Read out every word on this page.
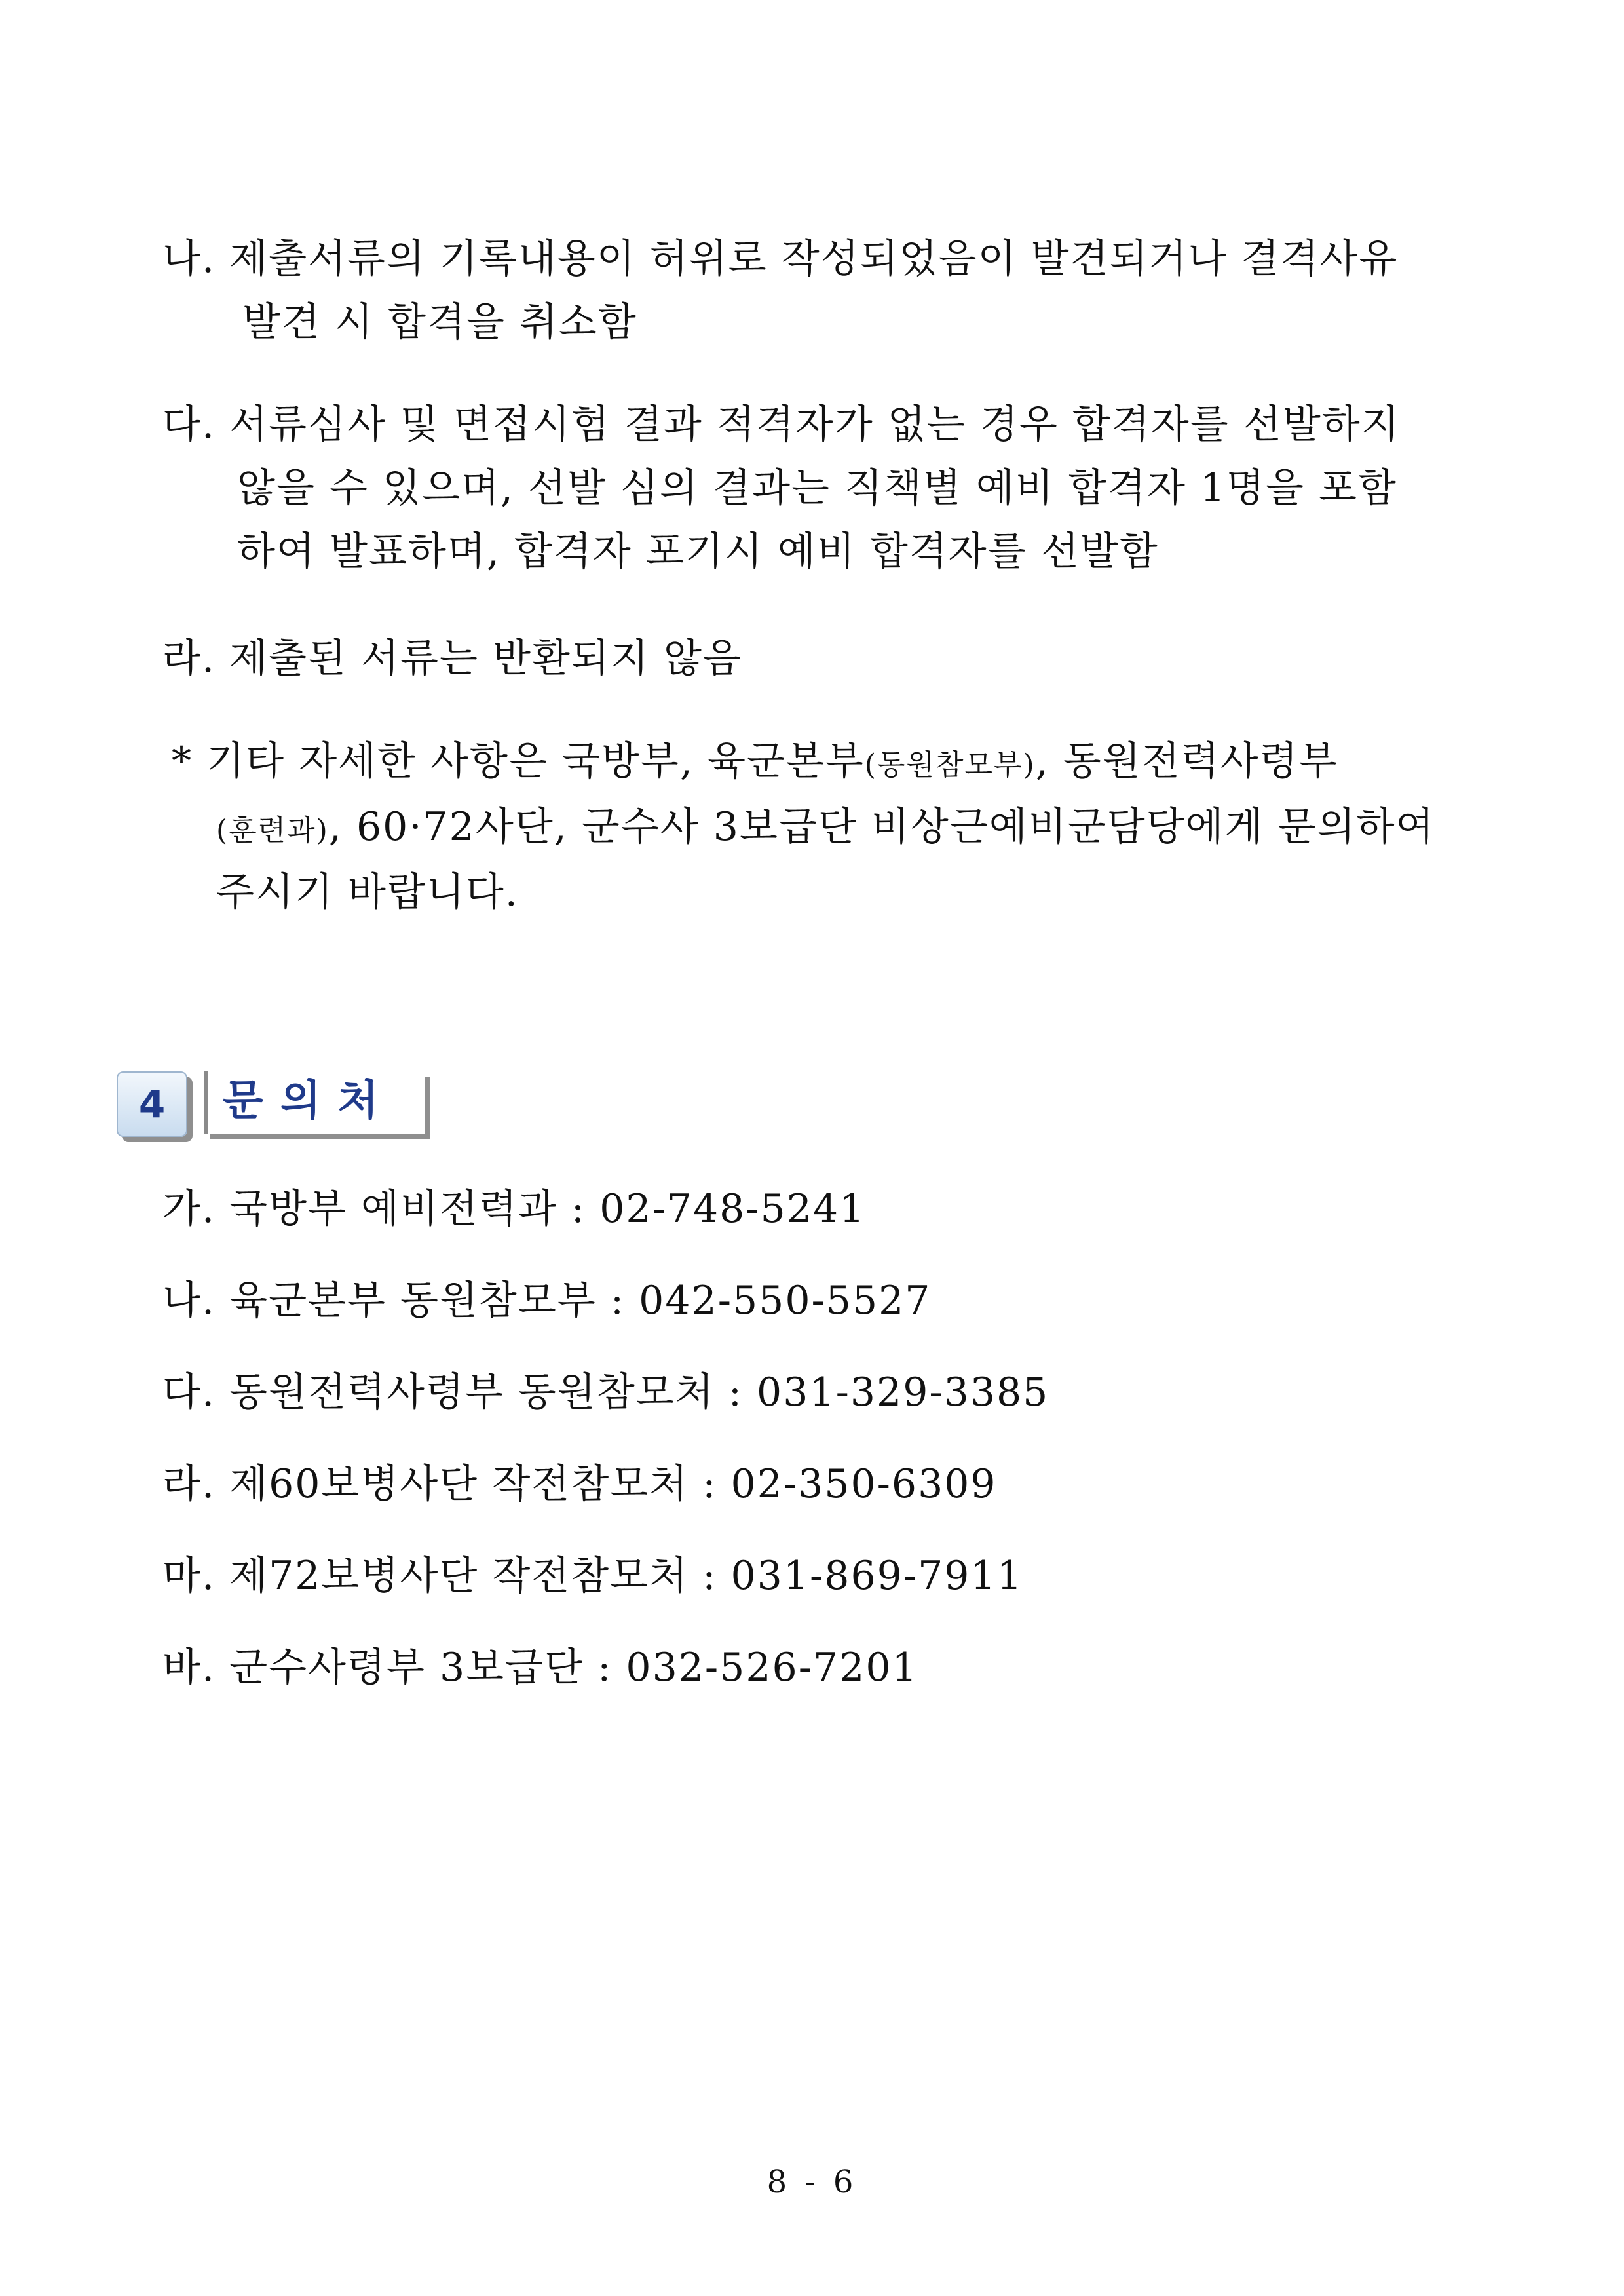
나. 제출서류의 기록내용이 허위로 작성되었음이 발견되거나 결격사유
발견 시 합격을 취소함
다. 서류심사 및 면접시험 결과 적격자가 없는 경우 합격자를 선발하지
않을 수 있으며, 선발 심의 결과는 직책별 예비 합격자 1명을 포함
하여 발표하며, 합격자 포기시 예비 합격자를 선발함
라. 제출된 서류는 반환되지 않음
* 기타 자세한 사항은 국방부, 육군본부(동원참모부), 동원전력사령부
(훈련과), 60·72사단, 군수사 3보급단 비상근예비군담당에게 문의하여
주시기 바랍니다.
4	문의처
가. 국방부 예비전력과 : 02-748-5241
나. 육군본부 동원참모부 : 042-550-5527
다. 동원전력사령부 동원참모처 : 031-329-3385
라. 제60보병사단 작전참모처 : 02-350-6309
마. 제72보병사단 작전참모처 : 031-869-7911
바. 군수사령부 3보급단 : 032-526-7201
8 - 6
